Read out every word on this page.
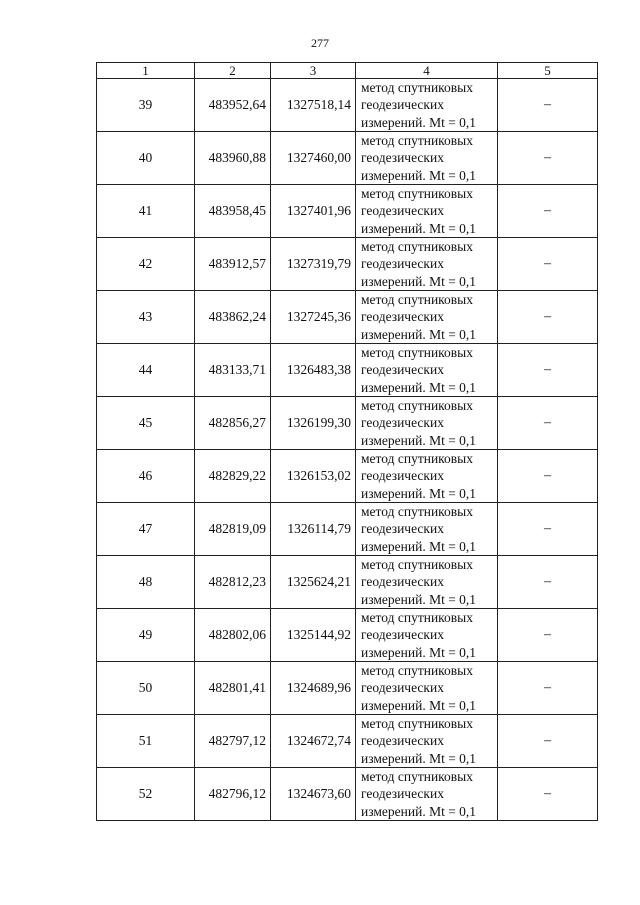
277
1	2	3	4	5
39	483952,64	1327518,14	метод спутниковых
геодезических
измерений. Mt = 0,1	–
40	483960,88	1327460,00	метод спутниковых
геодезических
измерений. Mt = 0,1	–
41	483958,45	1327401,96	метод спутниковых
геодезических
измерений. Mt = 0,1	–
42	483912,57	1327319,79	метод спутниковых
геодезических
измерений. Mt = 0,1	–
43	483862,24	1327245,36	метод спутниковых
геодезических
измерений. Mt = 0,1	–
44	483133,71	1326483,38	метод спутниковых
геодезических
измерений. Mt = 0,1	–
45	482856,27	1326199,30	метод спутниковых
геодезических
измерений. Mt = 0,1	–
46	482829,22	1326153,02	метод спутниковых
геодезических
измерений. Mt = 0,1	–
47	482819,09	1326114,79	метод спутниковых
геодезических
измерений. Mt = 0,1	–
48	482812,23	1325624,21	метод спутниковых
геодезических
измерений. Mt = 0,1	–
49	482802,06	1325144,92	метод спутниковых
геодезических
измерений. Mt = 0,1	–
50	482801,41	1324689,96	метод спутниковых
геодезических
измерений. Mt = 0,1	–
51	482797,12	1324672,74	метод спутниковых
геодезических
измерений. Mt = 0,1	–
52	482796,12	1324673,60	метод спутниковых
геодезических
измерений. Mt = 0,1	–
